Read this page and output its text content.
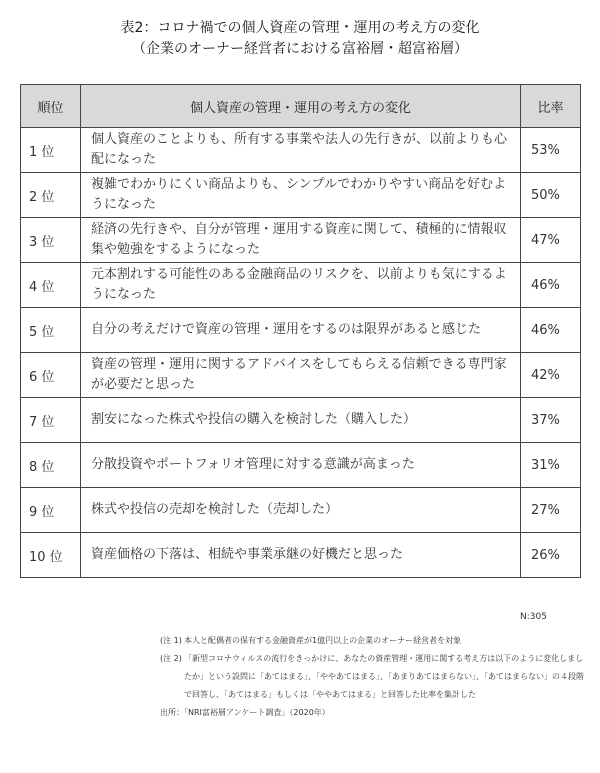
表2：コロナ禍での個人資産の管理・運用の考え方の変化
（企業のオーナー経営者における富裕層・超富裕層）
順位	個人資産の管理・運用の考え方の変化	比率
1 位	個人資産のことよりも、所有する事業や法人の先行きが、以前よりも心配になった	53%
2 位	複雑でわかりにくい商品よりも、シンプルでわかりやすい商品を好むようになった	50%
3 位	経済の先行きや、自分が管理・運用する資産に関して、積極的に情報収集や勉強をするようになった	47%
4 位	元本割れする可能性のある金融商品のリスクを、以前よりも気にするようになった	46%
5 位	自分の考えだけで資産の管理・運用をするのは限界があると感じた	46%
6 位	資産の管理・運用に関するアドバイスをしてもらえる信頼できる専門家が必要だと思った	42%
7 位	割安になった株式や投信の購入を検討した（購入した）	37%
8 位	分散投資やポートフォリオ管理に対する意識が高まった	31%
9 位	株式や投信の売却を検討した（売却した）	27%
10 位	資産価格の下落は、相続や事業承継の好機だと思った	26%
N:305
(注 1) 本人と配偶者の保有する金融資産が1億円以上の企業のオーナー経営者を対象
(注 2) 「新型コロナウィルスの流行をきっかけに、あなたの資産管理・運用に関する考え方は以下のように変化しましたか」という設問に「あてはまる」、「ややあてはまる」、「あまりあてはまらない」、「あてはまらない」の４段階で回答し、「あてはまる」もしくは「ややあてはまる」と回答した比率を集計した
出所：「NRI富裕層アンケート調査」（2020年）
